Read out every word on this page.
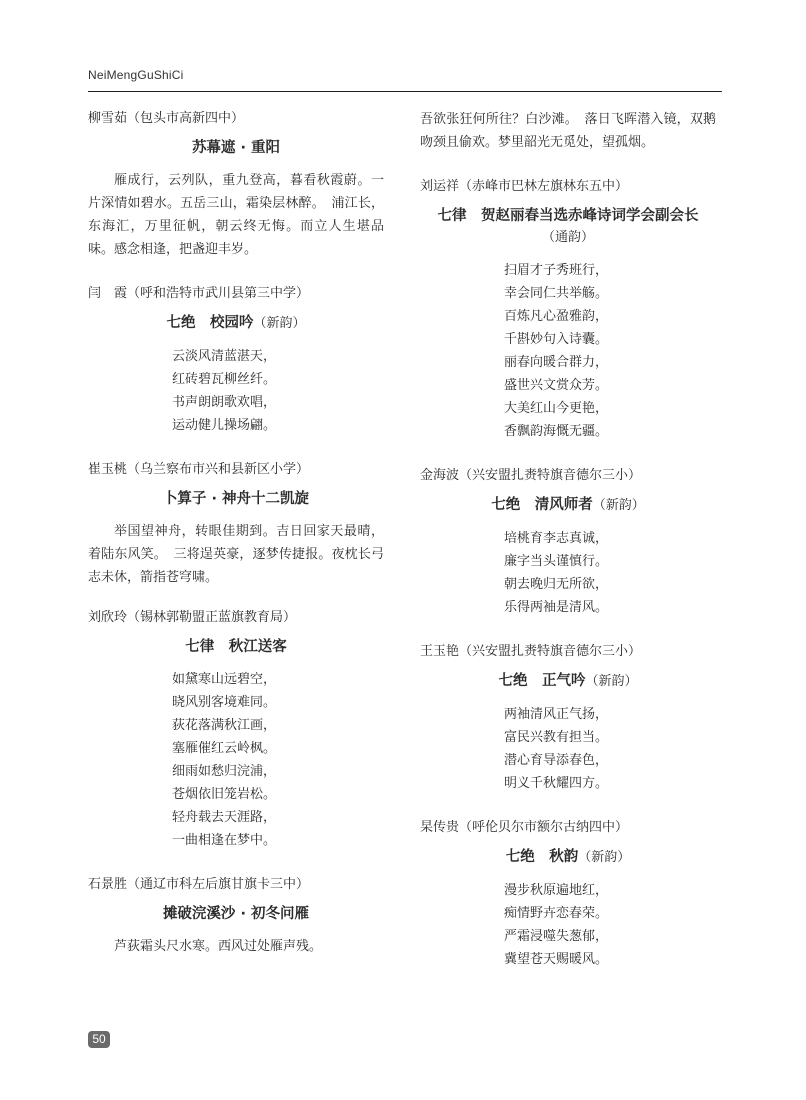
NeiMengGuShiCi
柳雪茹（包头市高新四中）
苏幕遮 · 重阳

雁成行，云列队，重九登高，暮看秋霞蔚。一片深情如碧水。五岳三山，霜染层林醉。　浦江长，东海汇，万里征帆，朝云终无悔。而立人生堪品味。感念相逢，把盏迎丰岁。

闫　霞（呼和浩特市武川县第三中学）
七绝　校园吟（新韵）
云淡风清蓝湛天，
红砖碧瓦柳丝纤。
书声朗朗歌欢唱，
运动健儿操场翩。
崔玉桃（乌兰察布市兴和县新区小学）
卜算子 · 神舟十二凯旋

举国望神舟，转眼佳期到。吉日回家天最晴，着陆东风笑。　三将逞英豪，逐梦传捷报。夜枕长弓志未休，箭指苍穹啸。

刘欣玲（锡林郭勒盟正蓝旗教育局）
七律　秋江送客
如黛寒山远碧空，
晓风别客境难同。
荻花落满秋江画，
塞雁催红云岭枫。
细雨如愁归浣浦，
苍烟依旧笼岩松。
轻舟载去天涯路，
一曲相逢在梦中。
石景胜（通辽市科左后旗甘旗卡三中）
摊破浣溪沙 · 初冬问雁

芦荻霜头尺水寒。西风过处雁声残。

吾欲张狂何所往？白沙滩。　落日飞晖潜入镜，双鹅吻颈且偷欢。梦里韶光无觅处，望孤烟。

刘运祥（赤峰市巴林左旗林东五中）
七律　贺赵丽春当选赤峰诗词学会副会长
（通韵）
扫眉才子秀班行，
幸会同仁共举觞。
百炼凡心盈雅韵，
千斟妙句入诗囊。
丽春向暖合群力，
盛世兴文赏众芳。
大美红山今更艳，
香飘韵海慨无疆。
金海波（兴安盟扎赉特旗音德尔三小）
七绝　清风师者（新韵）
培桃育李志真诚，
廉字当头谨慎行。
朝去晚归无所欲，
乐得两袖是清风。
王玉艳（兴安盟扎赉特旗音德尔三小）
七绝　正气吟（新韵）
两袖清风正气扬，
富民兴教有担当。
潜心育导添春色，
明义千秋耀四方。
杲传贵（呼伦贝尔市额尔古纳四中）
七绝　秋韵（新韵）
漫步秋原遍地红，
痴情野卉恋春荣。
严霜浸噬失葱郁，
冀望苍天赐暖风。
50
